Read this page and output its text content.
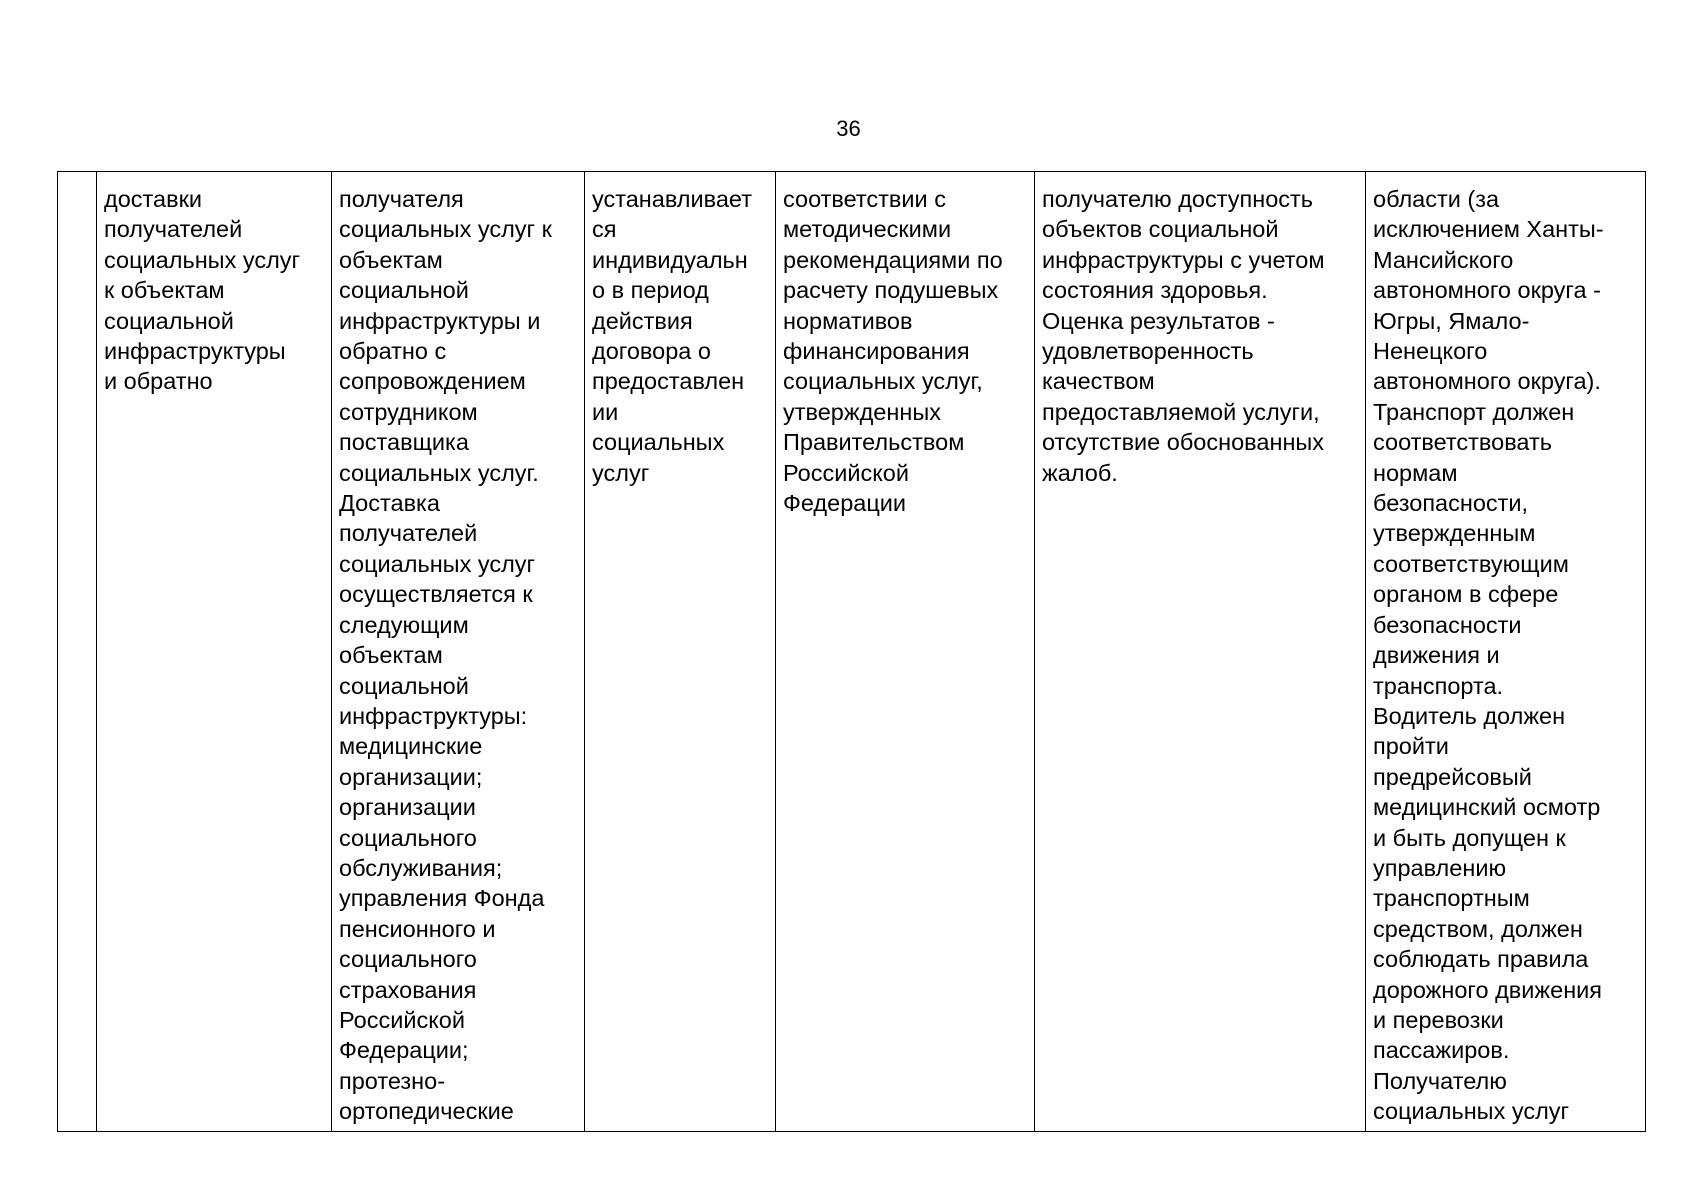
36
	доставки
получателей
социальных услуг
к объектам
социальной
инфраструктуры
и обратно	получателя
социальных услуг к
объектам
социальной
инфраструктуры и
обратно с
сопровождением
сотрудником
поставщика
социальных услуг.
Доставка
получателей
социальных услуг
осуществляется к
следующим
объектам
социальной
инфраструктуры:
медицинские
организации;
организации
социального
обслуживания;
управления Фонда
пенсионного и
социального
страхования
Российской
Федерации;
протезно-
ортопедические	устанавливает
ся
индивидуальн
о в период
действия
договора о
предоставлен
ии
социальных
услуг	соответствии с
методическими
рекомендациями по
расчету подушевых
нормативов
финансирования
социальных услуг,
утвержденных
Правительством
Российской
Федерации	получателю доступность
объектов социальной
инфраструктуры с учетом
состояния здоровья.
Оценка результатов -
удовлетворенность
качеством
предоставляемой услуги,
отсутствие обоснованных
жалоб.	области (за
исключением Ханты-
Мансийского
автономного округа -
Югры, Ямало-
Ненецкого
автономного округа).
Транспорт должен
соответствовать
нормам
безопасности,
утвержденным
соответствующим
органом в сфере
безопасности
движения и
транспорта.
Водитель должен
пройти
предрейсовый
медицинский осмотр
и быть допущен к
управлению
транспортным
средством, должен
соблюдать правила
дорожного движения
и перевозки
пассажиров.
Получателю
социальных услуг
